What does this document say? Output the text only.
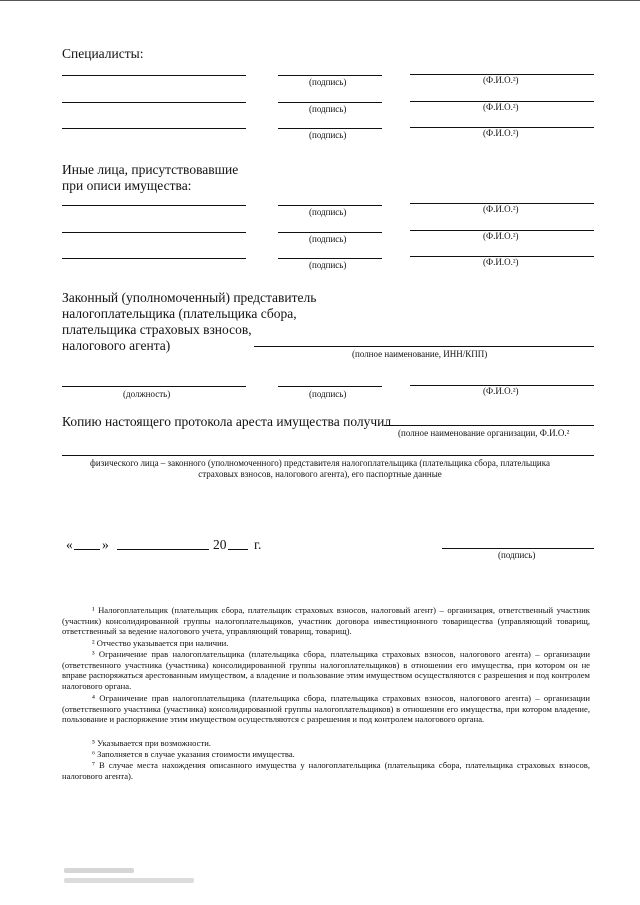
Специалисты:
(подпись)	(Ф.И.О.²)
(подпись)	(Ф.И.О.²)
(подпись)	(Ф.И.О.²)
Иные лица, присутствовавшие
при описи имущества:
(подпись)	(Ф.И.О.²)
(подпись)	(Ф.И.О.²)
(подпись)	(Ф.И.О.²)
Законный (уполномоченный) представитель
налогоплательщика (плательщика сбора,
плательщика страховых взносов,
налогового агента)
(полное наименование, ИНН/КПП)
(должность)	(подпись)	(Ф.И.О.²)
Копию настоящего протокола ареста имущества получил
(полное наименование организации, Ф.И.О.²
физического лица – законного (уполномоченного) представителя налогоплательщика (плательщика сбора, плательщика
страховых взносов, налогового агента), его паспортные данные
« »	20 г.
(подпись)
¹ Налогоплательщик (плательщик сбора, плательщик страховых взносов, налоговый агент) – организация, ответственный участник (участник) консолидированной группы налогоплательщиков, участник договора инвестиционного товарищества (управляющий товарищ, ответственный за ведение налогового учета, управляющий товарищ, товарищ).
² Отчество указывается при наличии.
³ Ограничение прав налогоплательщика (плательщика сбора, плательщика страховых взносов, налогового агента) – организации (ответственного участника (участника) консолидированной группы налогоплательщиков) в отношении его имущества, при котором он не вправе распоряжаться арестованным имуществом, а владение и пользование этим имуществом осуществляются с разрешения и под контролем налогового органа.
⁴ Ограничение прав налогоплательщика (плательщика сбора, плательщика страховых взносов, налогового агента) – организации (ответственного участника (участника) консолидированной группы налогоплательщиков) в отношении его имущества, при котором владение, пользование и распоряжение этим имуществом осуществляются с разрешения и под контролем налогового органа.
⁵ Указывается при возможности.
⁶ Заполняется в случае указания стоимости имущества.
⁷ В случае места нахождения описанного имущества у налогоплательщика (плательщика сбора, плательщика страховых взносов, налогового агента).
